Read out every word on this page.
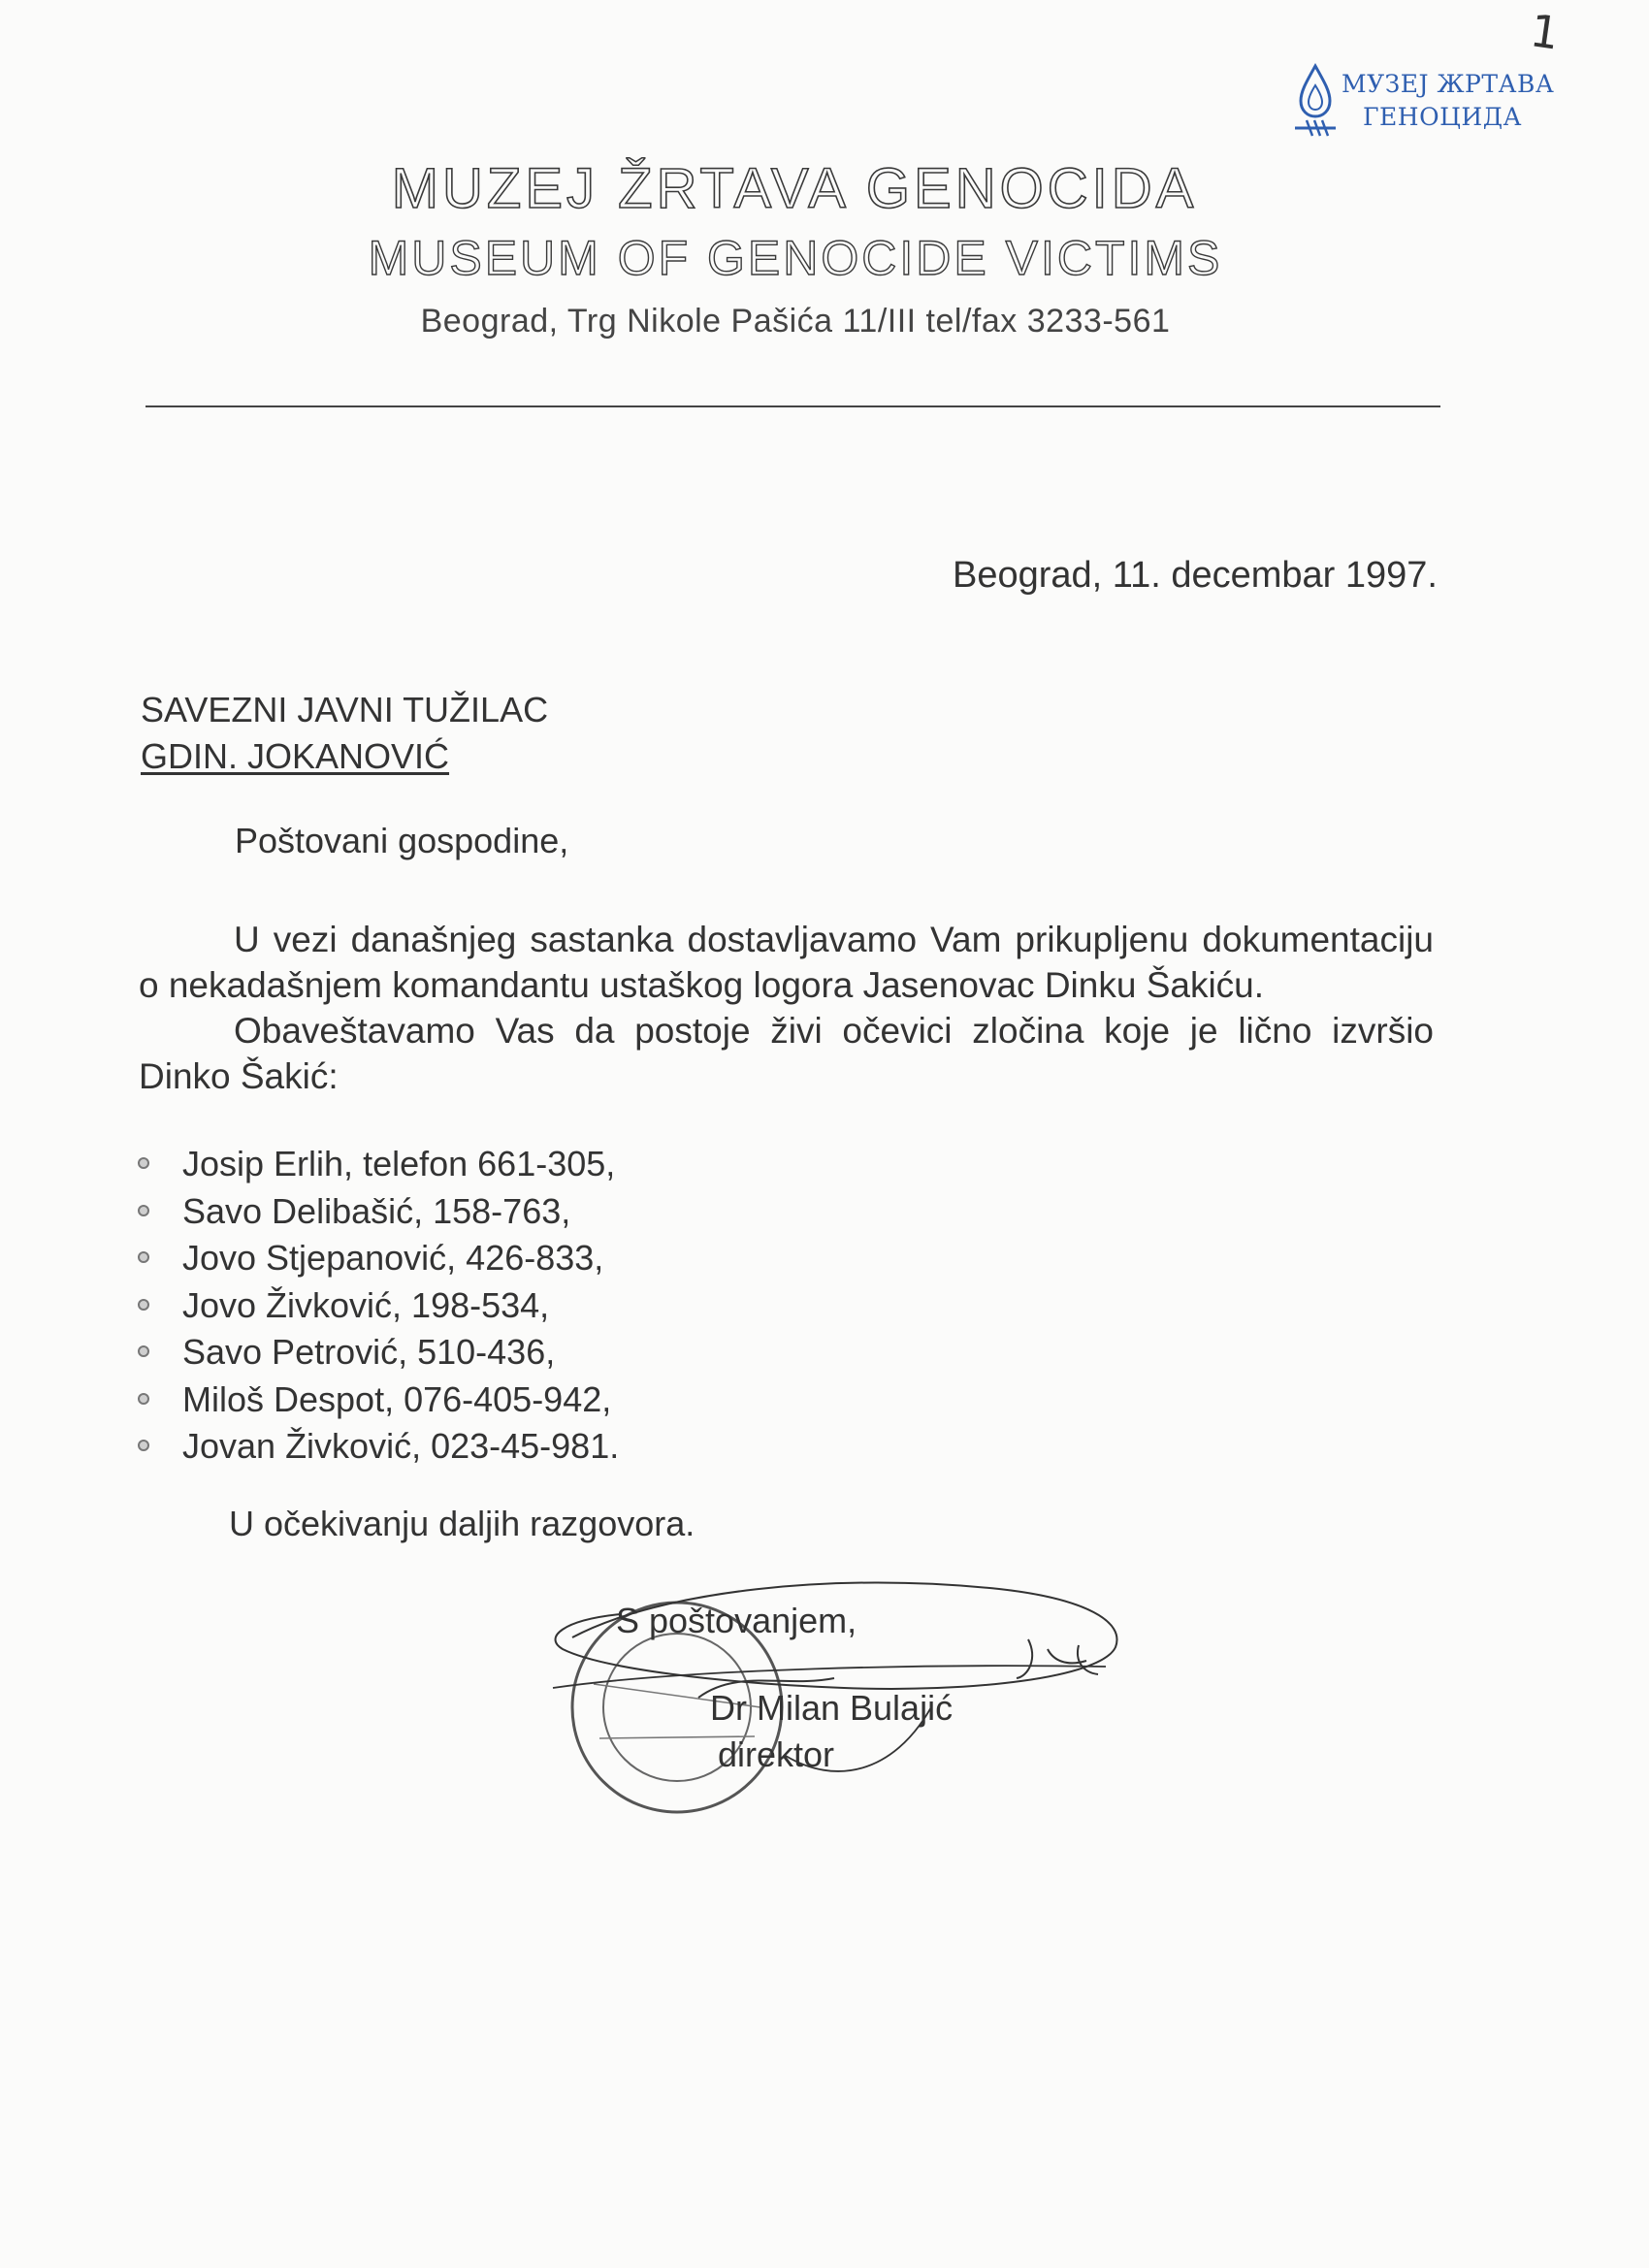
1
МУЗЕЈ ЖРТАВА
ГЕНОЦИДА
MUZEJ ŽRTAVA GENOCIDA
MUSEUM OF GENOCIDE VICTIMS
Beograd, Trg Nikole Pašića 11/III tel/fax 3233-561
Beograd, 11. decembar 1997.
SAVEZNI JAVNI TUŽILAC
GDIN. JOKANOVIĆ
Poštovani gospodine,

U vezi današnjeg sastanka dostavljavamo Vam prikupljenu dokumentaciju o nekadašnjem komandantu ustaškog logora Jasenovac Dinku Šakiću.

Obaveštavamo Vas da postoje živi očevici zločina koje je lično izvršio Dinko Šakić:

Josip Erlih, telefon 661-305,
Savo Delibašić, 158-763,
Jovo Stjepanović, 426-833,
Jovo Živković, 198-534,
Savo Petrović, 510-436,
Miloš Despot, 076-405-942,
Jovan Živković, 023-45-981.
U očekivanju daljih razgovora.
S poštovanjem,
Dr Milan Bulajić
direktor
